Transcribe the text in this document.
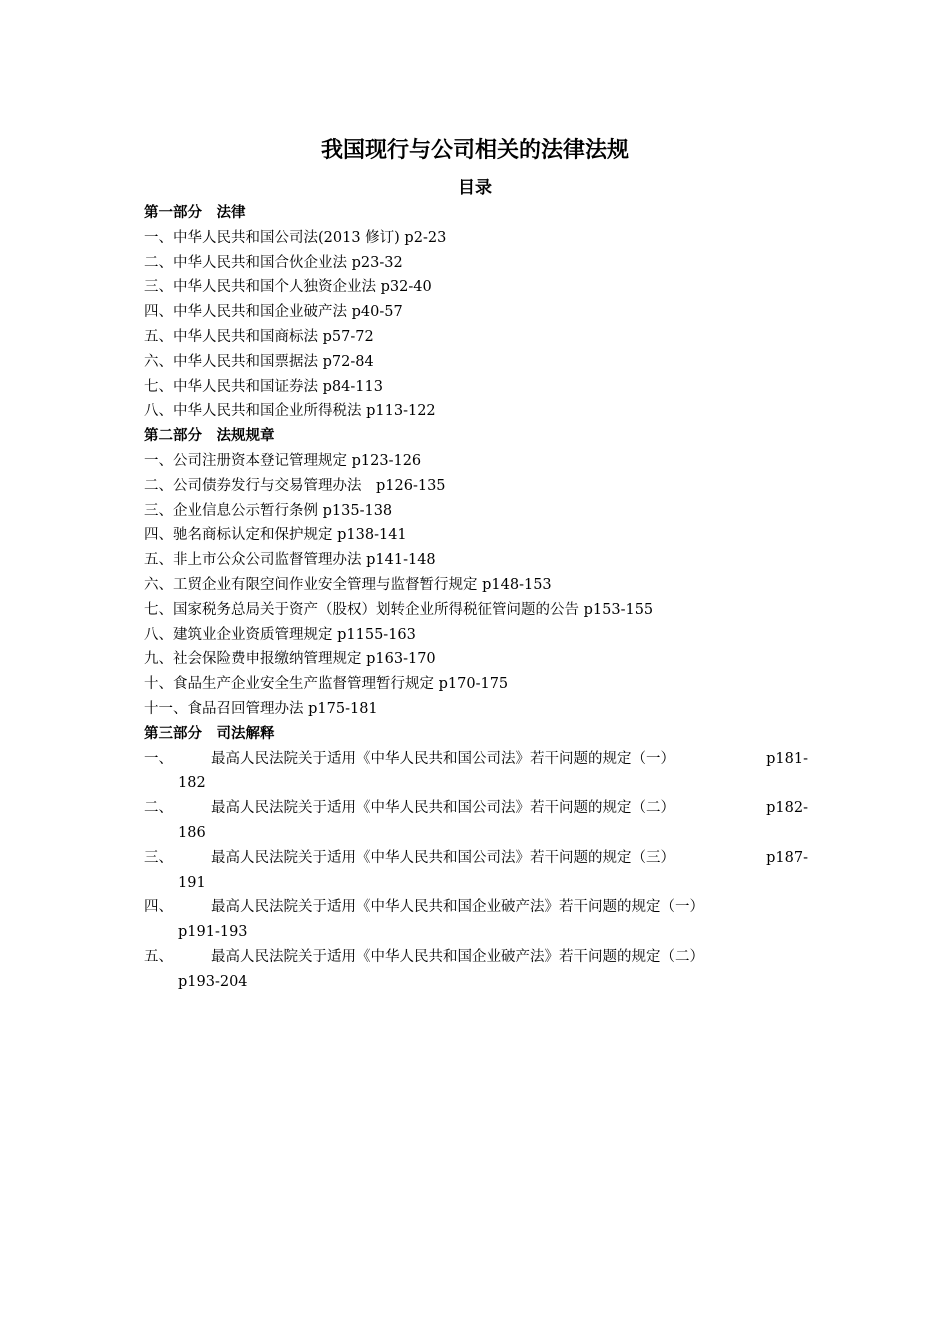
我国现行与公司相关的法律法规
目录
第一部分　法律
一、中华人民共和国公司法(2013 修订) p2-23
二、中华人民共和国合伙企业法 p23-32
三、中华人民共和国个人独资企业法 p32-40
四、中华人民共和国企业破产法 p40-57
五、中华人民共和国商标法 p57-72
六、中华人民共和国票据法 p72-84
七、中华人民共和国证券法 p84-113
八、中华人民共和国企业所得税法 p113-122
第二部分　法规规章
一、公司注册资本登记管理规定 p123-126
二、公司债券发行与交易管理办法　p126-135
三、企业信息公示暂行条例 p135-138
四、驰名商标认定和保护规定 p138-141
五、非上市公众公司监督管理办法 p141-148
六、工贸企业有限空间作业安全管理与监督暂行规定 p148-153
七、国家税务总局关于资产（股权）划转企业所得税征管问题的公告 p153-155
八、建筑业企业资质管理规定 p1155-163
九、社会保险费申报缴纳管理规定 p163-170
十、食品生产企业安全生产监督管理暂行规定 p170-175
十一、食品召回管理办法 p175-181
第三部分　司法解释
一、	最高人民法院关于适用《中华人民共和国公司法》若干问题的规定（一）	p181-
182
二、	最高人民法院关于适用《中华人民共和国公司法》若干问题的规定（二）	p182-
186
三、	最高人民法院关于适用《中华人民共和国公司法》若干问题的规定（三）	p187-
191
四、	最高人民法院关于适用《中华人民共和国企业破产法》若干问题的规定（一）
p191-193
五、	最高人民法院关于适用《中华人民共和国企业破产法》若干问题的规定（二）
p193-204
